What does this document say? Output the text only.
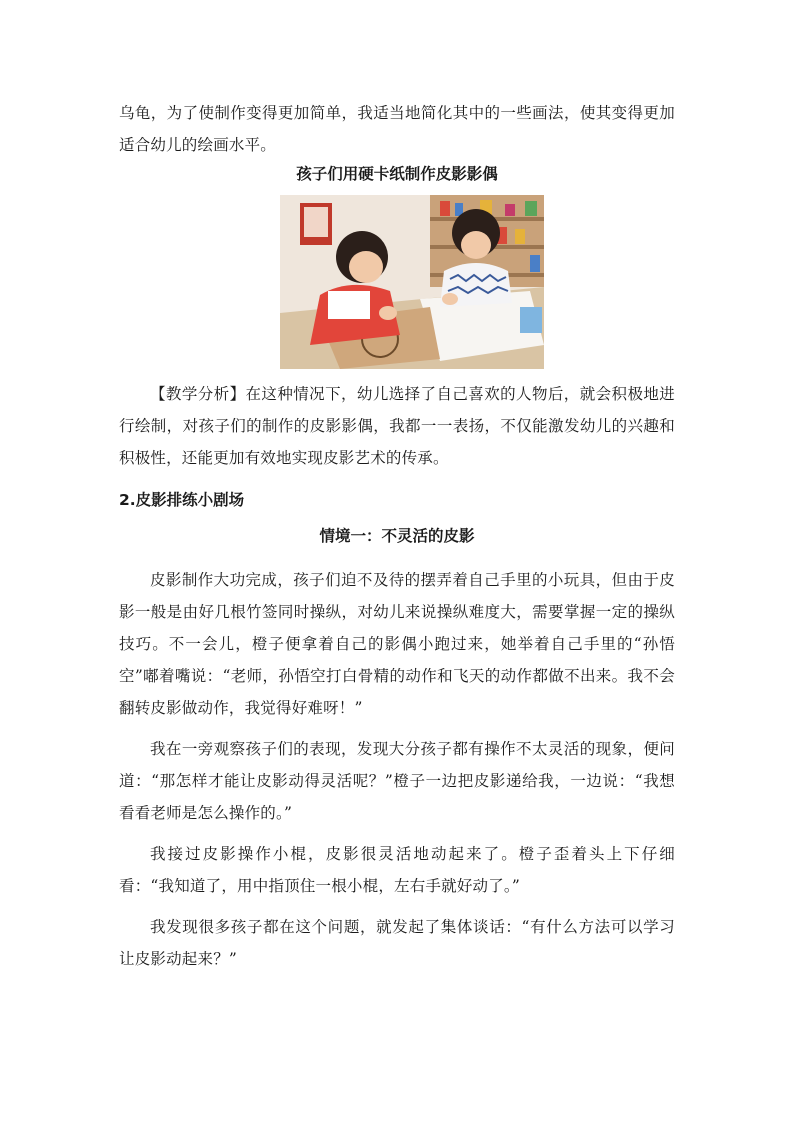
乌龟，为了使制作变得更加简单，我适当地简化其中的一些画法，使其变得更加适合幼儿的绘画水平。

孩子们用硬卡纸制作皮影影偶

【教学分析】在这种情况下，幼儿选择了自己喜欢的人物后，就会积极地进行绘制，对孩子们的制作的皮影影偶，我都一一表扬，不仅能激发幼儿的兴趣和积极性，还能更加有效地实现皮影艺术的传承。

2.皮影排练小剧场

情境一：不灵活的皮影

皮影制作大功完成，孩子们迫不及待的摆弄着自己手里的小玩具，但由于皮影一般是由好几根竹签同时操纵，对幼儿来说操纵难度大，需要掌握一定的操纵技巧。不一会儿，橙子便拿着自己的影偶小跑过来，她举着自己手里的“孙悟空”嘟着嘴说：“老师，孙悟空打白骨精的动作和飞天的动作都做不出来。我不会翻转皮影做动作，我觉得好难呀！”

我在一旁观察孩子们的表现，发现大分孩子都有操作不太灵活的现象，便问道：“那怎样才能让皮影动得灵活呢？”橙子一边把皮影递给我，一边说：“我想看看老师是怎么操作的。”

我接过皮影操作小棍，皮影很灵活地动起来了。橙子歪着头上下仔细看：“我知道了，用中指顶住一根小棍，左右手就好动了。”

我发现很多孩子都在这个问题，就发起了集体谈话：“有什么方法可以学习让皮影动起来？”
